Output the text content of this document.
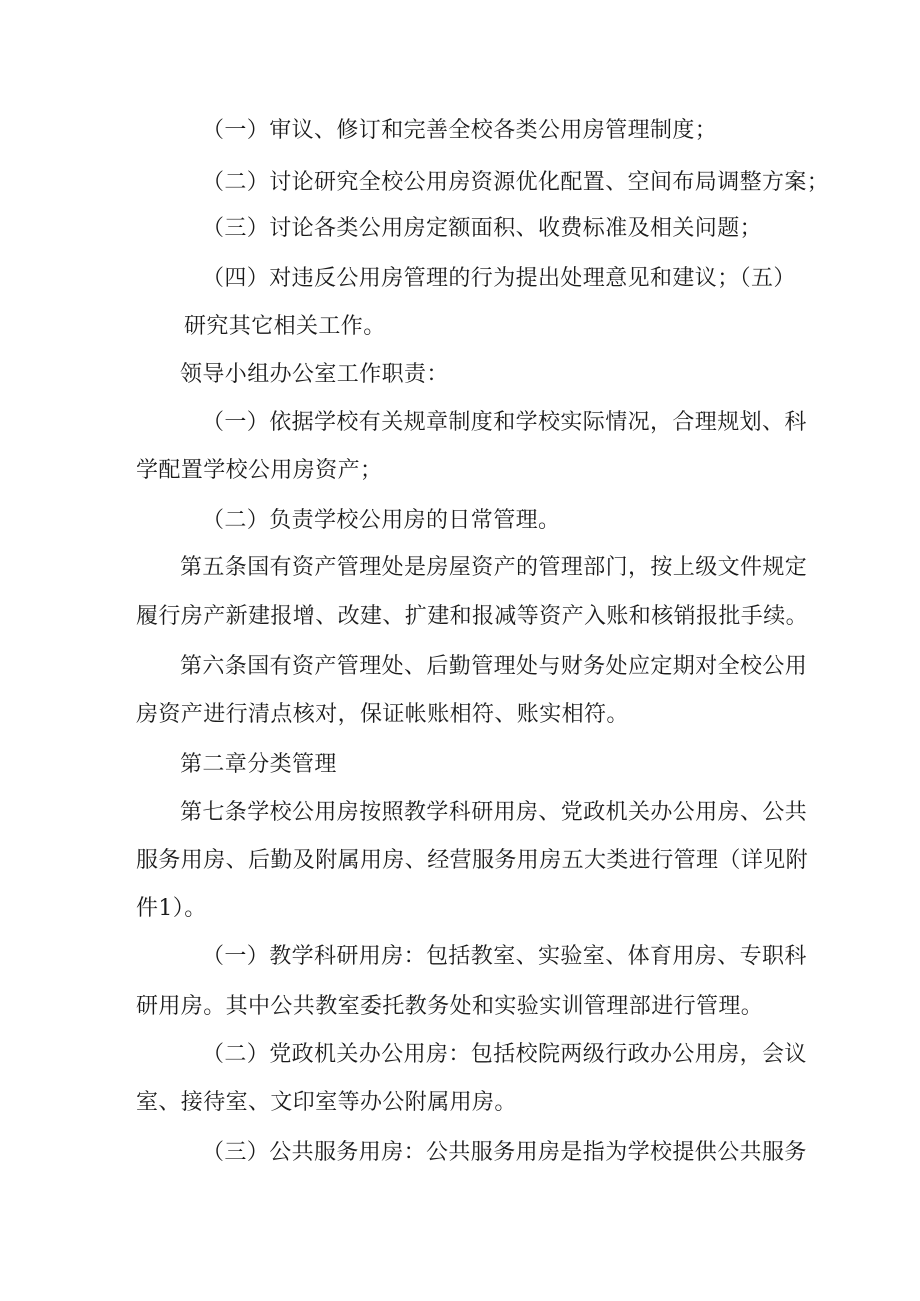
（一）审议、修订和完善全校各类公用房管理制度；
（二）讨论研究全校公用房资源优化配置、空间布局调整方案；
（三）讨论各类公用房定额面积、收费标准及相关问题；
（四）对违反公用房管理的行为提出处理意见和建议；（五）
研究其它相关工作。
领导小组办公室工作职责：
（一）依据学校有关规章制度和学校实际情况，合理规划、科
学配置学校公用房资产；
（二）负责学校公用房的日常管理。
第五条国有资产管理处是房屋资产的管理部门，按上级文件规定
履行房产新建报增、改建、扩建和报减等资产入账和核销报批手续。
第六条国有资产管理处、后勤管理处与财务处应定期对全校公用
房资产进行清点核对，保证帐账相符、账实相符。
第二章分类管理
第七条学校公用房按照教学科研用房、党政机关办公用房、公共
服务用房、后勤及附属用房、经营服务用房五大类进行管理（详见附
件1）。
（一）教学科研用房：包括教室、实验室、体育用房、专职科
研用房。其中公共教室委托教务处和实验实训管理部进行管理。
（二）党政机关办公用房：包括校院两级行政办公用房，会议
室、接待室、文印室等办公附属用房。
（三）公共服务用房：公共服务用房是指为学校提供公共服务
